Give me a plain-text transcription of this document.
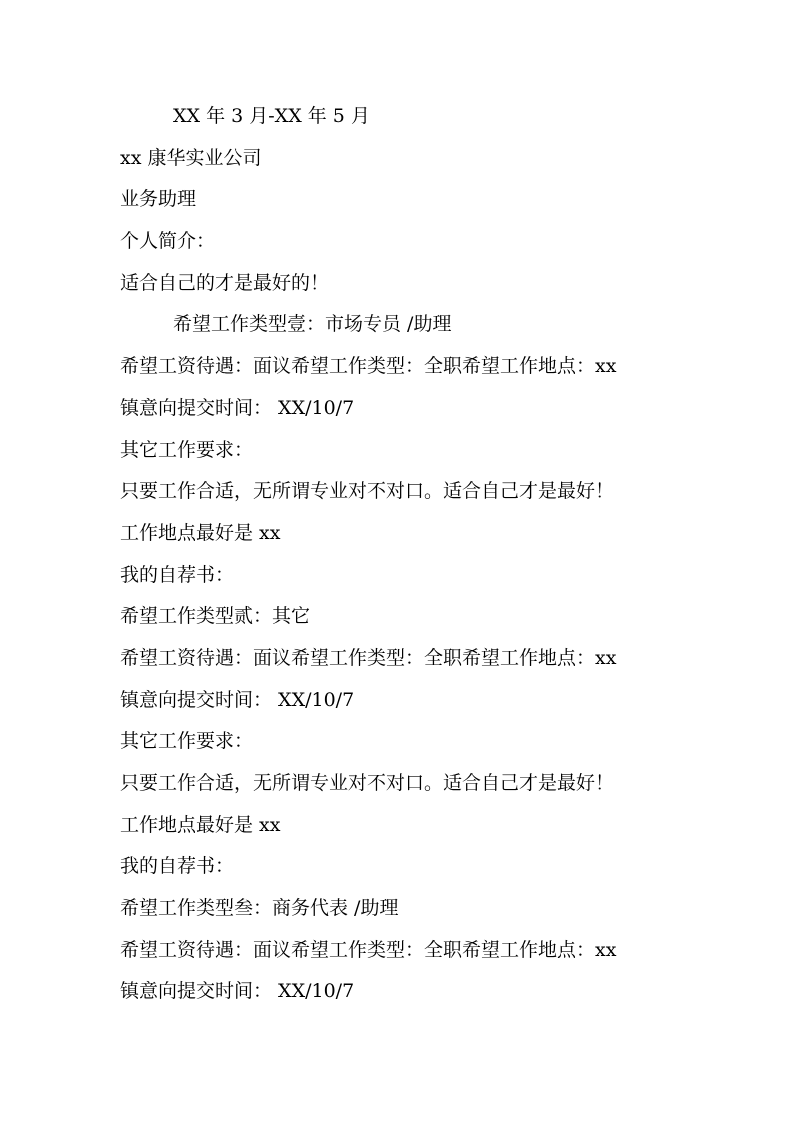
XX 年 3 月-XX 年 5 月

xx 康华实业公司

业务助理

个人简介：

适合自己的才是最好的！

希望工作类型壹：市场专员 /助理

希望工资待遇：面议希望工作类型：全职希望工作地点：xx

镇意向提交时间： XX/10/7

其它工作要求：

只要工作合适，无所谓专业对不对口。适合自己才是最好！

工作地点最好是 xx

我的自荐书：

希望工作类型贰：其它

希望工资待遇：面议希望工作类型：全职希望工作地点：xx

镇意向提交时间： XX/10/7

其它工作要求：

只要工作合适，无所谓专业对不对口。适合自己才是最好！

工作地点最好是 xx

我的自荐书：

希望工作类型叁：商务代表 /助理

希望工资待遇：面议希望工作类型：全职希望工作地点：xx

镇意向提交时间： XX/10/7
